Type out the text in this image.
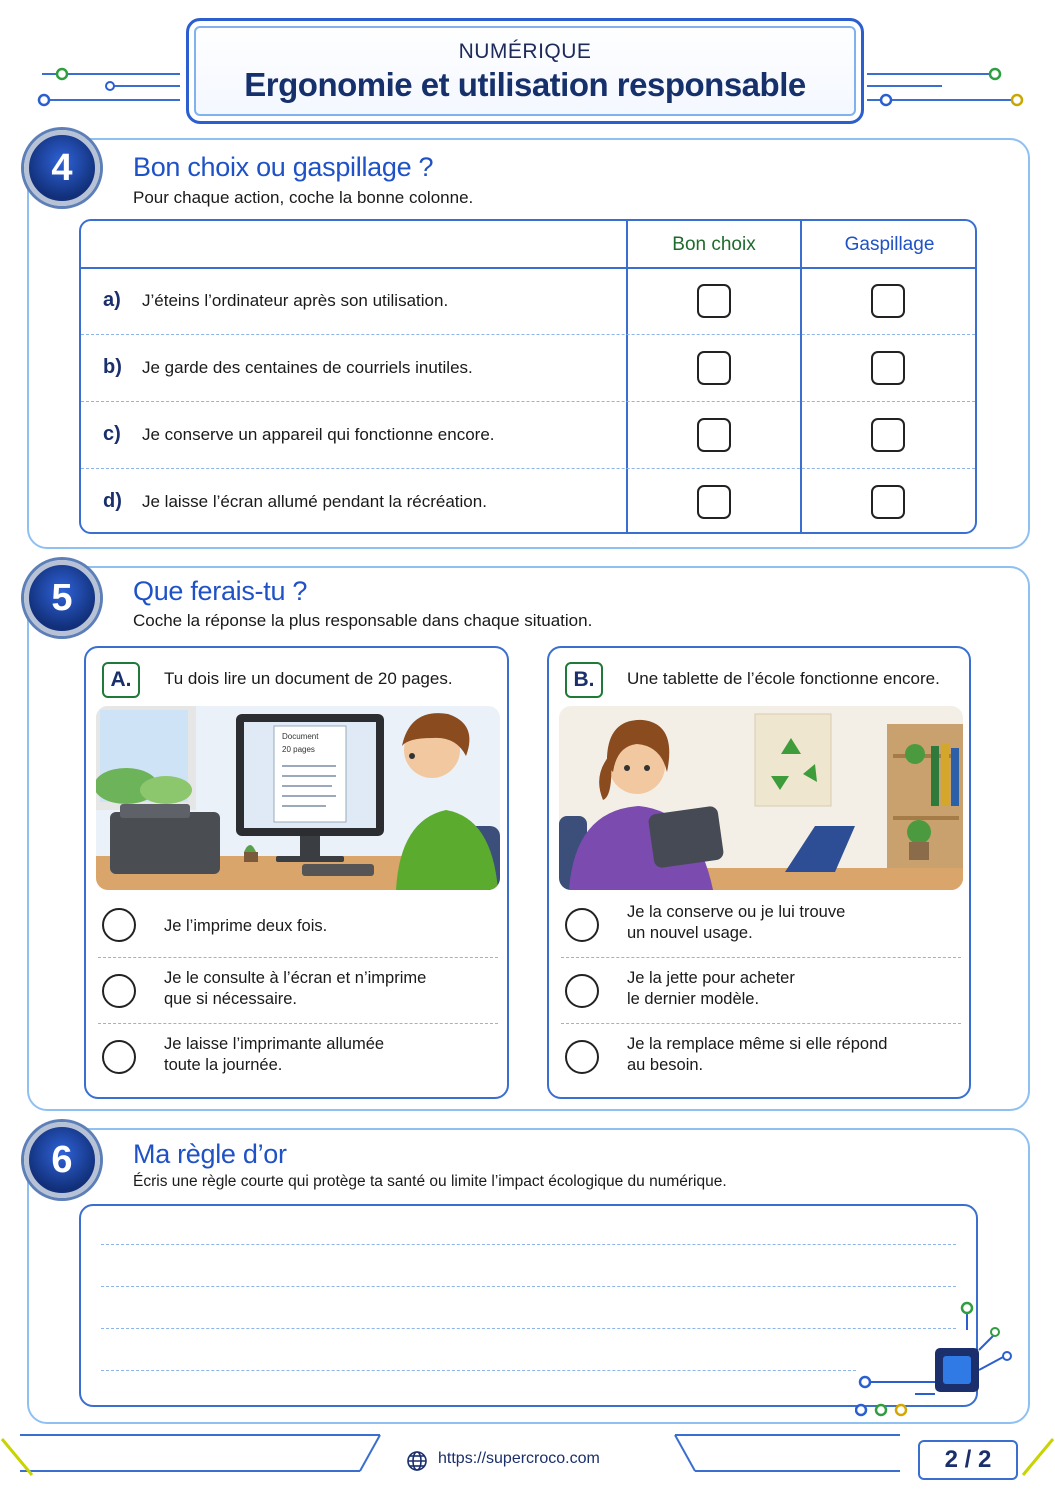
NUMÉRIQUE
Ergonomie et utilisation responsable
4	Bon choix ou gaspillage ?
Pour chaque action, coche la bonne colonne.
Bon choix	Gaspillage
a) J’éteins l’ordinateur après son utilisation.
b) Je garde des centaines de courriels inutiles.
c) Je conserve un appareil qui fonctionne encore.
d) Je laisse l’écran allumé pendant la récréation.
5	Que ferais-tu ?
Coche la réponse la plus responsable dans chaque situation.
A.	Tu dois lire un document de 20 pages.
Document
20 pages
Je l’imprime deux fois.
Je le consulte à l’écran et n’imprime
que si nécessaire.
Je laisse l’imprimante allumée
toute la journée.
B.	Une tablette de l’école fonctionne encore.
Je la conserve ou je lui trouve
un nouvel usage.
Je la jette pour acheter
le dernier modèle.
Je la remplace même si elle répond
au besoin.
6	Ma règle d’or
Écris une règle courte qui protège ta santé ou limite l’impact écologique du numérique.
https://supercroco.com	2 / 2
